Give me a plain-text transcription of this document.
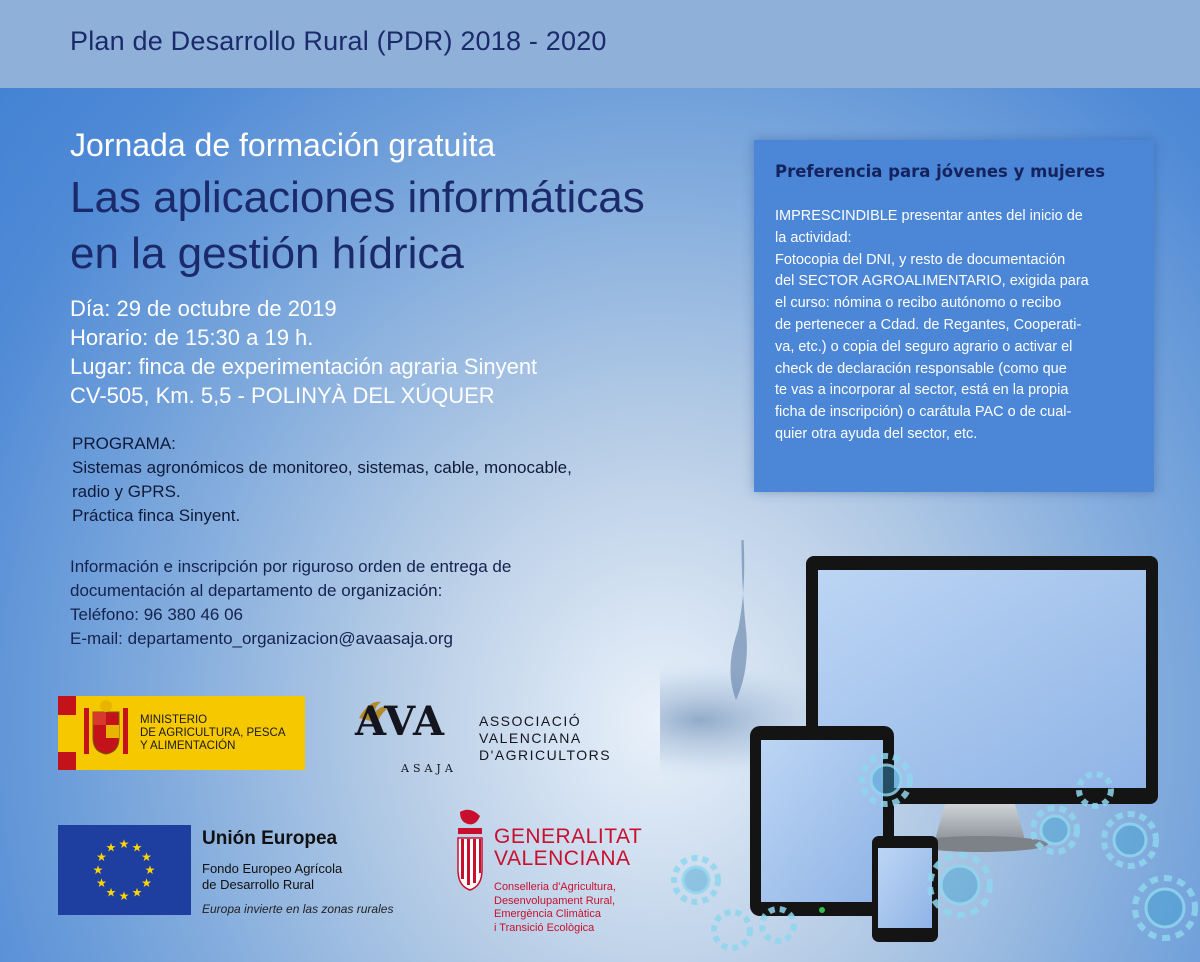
Plan de Desarrollo Rural (PDR) 2018 - 2020
Jornada de formación gratuita
Las aplicaciones informáticas
en la gestión hídrica
Día: 29 de octubre de 2019
Horario: de 15:30 a 19 h.
Lugar: finca de experimentación agraria Sinyent
CV-505, Km. 5,5 - POLINYÀ DEL XÚQUER
PROGRAMA:
Sistemas agronómicos de monitoreo, sistemas, cable, monocable,
radio y GPRS.
Práctica finca Sinyent.
Información e inscripción por riguroso orden de entrega de
documentación al departamento de organización:
Teléfono: 96 380 46 06
E-mail: departamento_organizacion@avaasaja.org
Preferencia para jóvenes y mujeres
IMPRESCINDIBLE presentar antes del inicio de
la actividad:
Fotocopia del DNI, y resto de documentación
del SECTOR AGROALIMENTARIO, exigida para
el curso: nómina o recibo autónomo o recibo
de pertenecer a Cdad. de Regantes, Cooperati-
va, etc.) o copia del seguro agrario o activar el
check de declaración responsable (como que
te vas a incorporar al sector, está en la propia
ficha de inscripción) o carátula PAC o de cual-
quier otra ayuda del sector, etc.
MINISTERIO
DE AGRICULTURA, PESCA
Y ALIMENTACIÓN
AVA
ASAJA
ASSOCIACIÓ VALENCIANA
D'AGRICULTORS
★ ★
★
★
★
★
★
★
★
★
★
★	Unión Europea
Fondo Europeo Agrícola
de Desarrollo Rural
Europa invierte en las zonas rurales
GENERALITAT
VALENCIANA
Conselleria d'Agricultura,
Desenvolupament Rural,
Emergència Climàtica
i Transició Ecològica
